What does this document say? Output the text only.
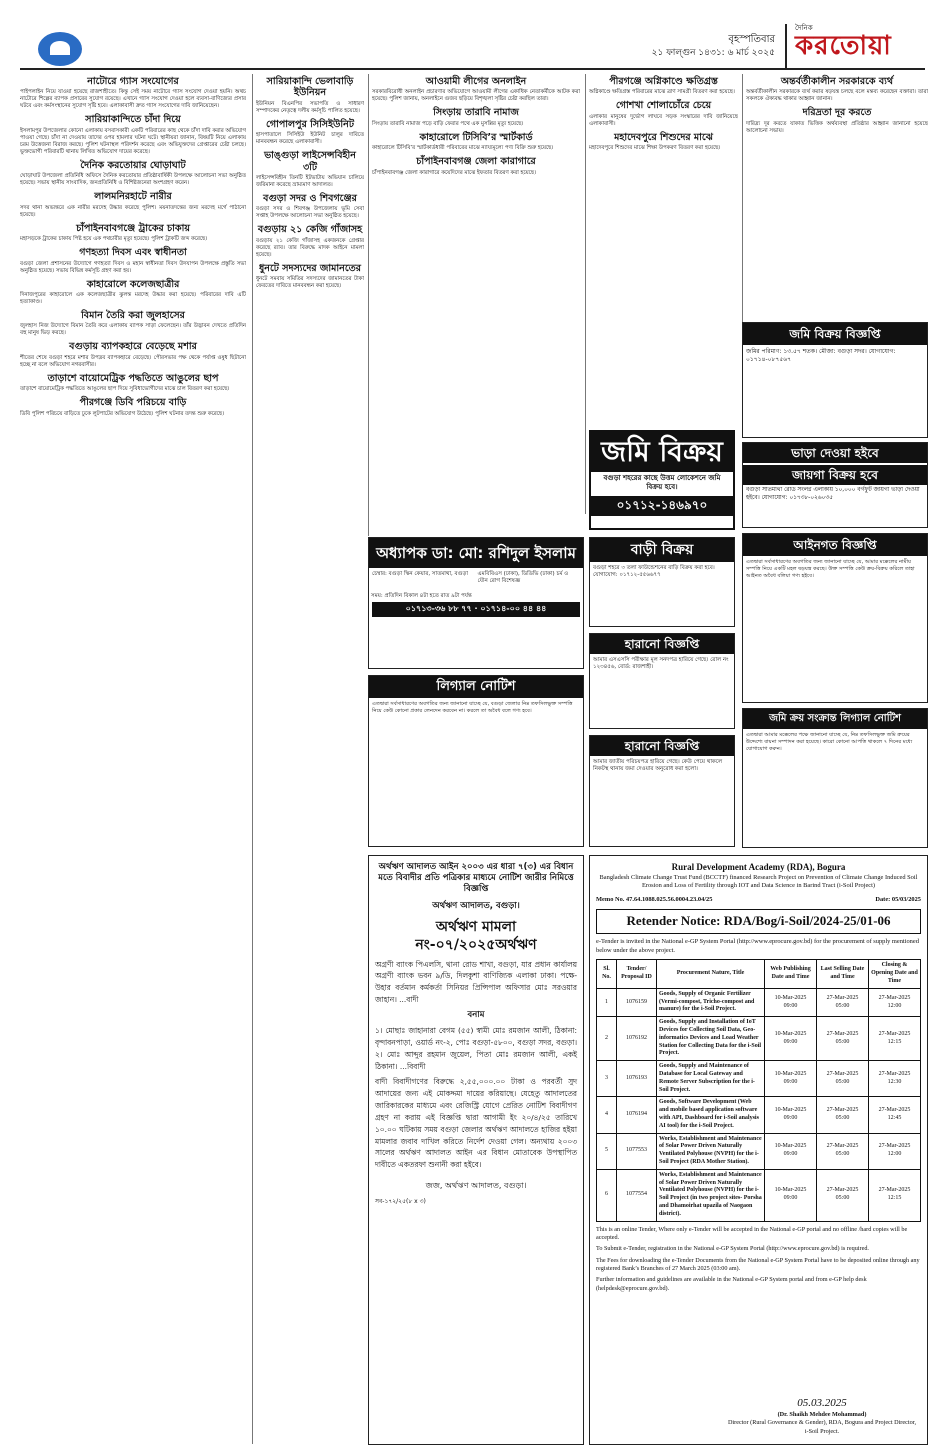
বৃহস্পতিবার
২১ ফাল্গুন ১৪৩১: ৬ মার্চ ২০২৫
দৈনিক
করতোয়া
নাটোরে গ্যাস সংযোগের

পাইপলাইন নিয়ে যাওয়া হয়েছে রাজশাহীতে। কিন্তু সেই সময় নাটোরে গ্যাস সংযোগ দেওয়া হয়নি। অথচ নাটোরে শিল্পের ব্যাপক প্রসারের সুযোগ রয়েছে। এখানে গ্যাস সংযোগ দেওয়া হলে ব্যবসা-বাণিজ্যের প্রসার ঘটবে এবং কর্মসংস্থানের সুযোগ সৃষ্টি হবে। এলাকাবাসী দ্রুত গ্যাস সংযোগের দাবি জানিয়েছেন।

সারিয়াকান্দিতে চাঁদা দিয়ে

ইসলামপুর উপজেলার কোনো এলাকায় বসবাসকারী একটি পরিবারের কাছ থেকে চাঁদা দাবি করার অভিযোগ পাওয়া গেছে। চাঁদা না দেওয়ায় তাদের ওপর হামলার ঘটনা ঘটে। স্থানীয়রা জানান, বিষয়টি নিয়ে এলাকায় চরম উত্তেজনা বিরাজ করছে। পুলিশ ঘটনাস্থল পরিদর্শন করেছে এবং অভিযুক্তদের গ্রেপ্তারের চেষ্টা চলছে। ভুক্তভোগী পরিবারটি থানায় লিখিত অভিযোগ দায়ের করেছে।

দৈনিক করতোয়ার ঘোড়াঘাট

ঘোড়াঘাট উপজেলা প্রতিনিধি অফিসে দৈনিক করতোয়ার প্রতিষ্ঠাবার্ষিকী উপলক্ষে আলোচনা সভা অনুষ্ঠিত হয়েছে। সভায় স্থানীয় সাংবাদিক, জনপ্রতিনিধি ও বিশিষ্টজনেরা অংশগ্রহণ করেন।

লালমনিরহাটে নারীর

সদর থানা অভ্যন্তরে এক নারীর মরদেহ উদ্ধার করেছে পুলিশ। ময়নাতদন্তের জন্য মরদেহ মর্গে পাঠানো হয়েছে।

চাঁপাইনবাবগঞ্জে ট্রাকের চাকায়

মহাসড়কে ট্রাকের চাকায় পিষ্ট হয়ে এক পথচারীর মৃত্যু হয়েছে। পুলিশ ট্রাকটি জব্দ করেছে।

গণহত্যা দিবস এবং স্বাধীনতা

বগুড়া জেলা প্রশাসনের উদ্যোগে গণহত্যা দিবস ও মহান স্বাধীনতা দিবস উদযাপন উপলক্ষে প্রস্তুতি সভা অনুষ্ঠিত হয়েছে। সভায় বিভিন্ন কর্মসূচি গ্রহণ করা হয়।

কাহারোলে কলেজছাত্রীর

দিনাজপুরের কাহারোলে এক কলেজছাত্রীর ঝুলন্ত মরদেহ উদ্ধার করা হয়েছে। পরিবারের দাবি এটি হত্যাকাণ্ড।

বিমান তৈরি করা জুলহাসের

জুলহাস নিজ উদ্যোগে বিমান তৈরি করে এলাকায় ব্যাপক সাড়া ফেলেছেন। তাঁর উদ্ভাবন দেখতে প্রতিদিন বহু মানুষ ভিড় করছে।

বগুড়ায় ব্যাপকহারে বেড়েছে মশার

শীতের শেষে বগুড়া শহরে মশার উপদ্রব ব্যাপকহারে বেড়েছে। পৌরসভার পক্ষ থেকে পর্যাপ্ত ওষুধ ছিটানো হচ্ছে না বলে অভিযোগ নগরবাসীর।

তাড়াশে বায়োমেট্রিক পদ্ধতিতে আঙুলের ছাপ

তাড়াশে বায়োমেট্রিক পদ্ধতিতে আঙুলের ছাপ দিয়ে সুবিধাভোগীদের মাঝে চাল বিতরণ করা হয়েছে।

পীরগঞ্জে ডিবি পরিচয়ে বাড়ি

ডিবি পুলিশ পরিচয়ে বাড়িতে ঢুকে লুটপাটের অভিযোগ উঠেছে। পুলিশ ঘটনার তদন্ত শুরু করেছে।

সারিয়াকান্দি ভেলাবাড়ি ইউনিয়ন

ইউনিয়ন বিএনপির সভাপতি ও সাধারণ সম্পাদকের নেতৃত্বে দলীয় কর্মসূচি পালিত হয়েছে।

গোপালপুর সিসিইউনিট

হাসপাতালে সিসিইউ ইউনিট চালুর দাবিতে মানববন্ধন করেছে এলাকাবাসী।

ভাঙ্গুড়া লাইসেন্সবিহীন ৩টি

লাইসেন্সবিহীন তিনটি ইটভাটায় অভিযান চালিয়ে জরিমানা করেছে ভ্রাম্যমাণ আদালত।

বগুড়া সদর ও শিবগঞ্জের

বগুড়া সদর ও শিবগঞ্জ উপজেলায় ভূমি সেবা সপ্তাহ উপলক্ষে আলোচনা সভা অনুষ্ঠিত হয়েছে।

বগুড়ায় ২১ কেজি গাঁজাসহ

বগুড়ায় ২১ কেজি গাঁজাসহ একজনকে গ্রেপ্তার করেছে র‍্যাব। তার বিরুদ্ধে মাদক আইনে মামলা হয়েছে।

ধুনটে সদস্যদের জামানতের

ধুনটে সমবায় সমিতির সদস্যদের জামানতের টাকা ফেরতের দাবিতে মানববন্ধন করা হয়েছে।

আওয়ামী লীগের অনলাইন

সরকারবিরোধী অনলাইন প্রচারণার অভিযোগে আওয়ামী লীগের একাধিক নেতাকর্মীকে আটক করা হয়েছে। পুলিশ জানায়, অনলাইনে গুজব ছড়িয়ে বিশৃঙ্খলা সৃষ্টির চেষ্টা করছিল তারা।

সিংড়ায় তারাবি নামাজ

সিংড়ায় তারাবি নামাজ পড়ে বাড়ি ফেরার পথে এক মুসল্লির মৃত্যু হয়েছে।

কাহারোলে টিসিবি’র স্মার্টকার্ড

কাহারোলে টিসিবি’র স্মার্টকার্ডধারী পরিবারের মাঝে ন্যায্যমূল্যে পণ্য বিক্রি শুরু হয়েছে।

চাঁপাইনবাবগঞ্জ জেলা কারাগারে

চাঁপাইনবাবগঞ্জ জেলা কারাগারে কয়েদিদের মাঝে ইফতার বিতরণ করা হয়েছে।

পীরগঞ্জে অগ্নিকাণ্ডে ক্ষতিগ্রস্ত

অগ্নিকাণ্ডে ক্ষতিগ্রস্ত পরিবারের মাঝে ত্রাণ সামগ্রী বিতরণ করা হয়েছে।

গোশখা শোলাচোঁরে চেয়ে

এলাকার মানুষের দুর্ভোগ লাঘবে সড়ক সংস্কারের দাবি জানিয়েছে এলাকাবাসী।

মহাদেবপুরে শিশুদের মাঝে

মহাদেবপুরে শিশুদের মাঝে শিক্ষা উপকরণ বিতরণ করা হয়েছে।

অন্তর্বর্তীকালীন সরকারকে ব্যর্থ

অন্তর্বর্তীকালীন সরকারকে ব্যর্থ করার ষড়যন্ত্র চলছে বলে মন্তব্য করেছেন বক্তারা। তারা সকলকে ঐক্যবদ্ধ থাকার আহ্বান জানান।

দরিদ্রতা দূর করতে

দারিদ্র্য দূর করতে যাকাত ভিত্তিক অর্থব্যবস্থা প্রতিষ্ঠার আহ্বান জানানো হয়েছে আলোচনা সভায়।

জমি বিক্রয়
বগুড়া শহরের কাছে উত্তম লোকেশনে জমি বিক্রয় হবে।
০১৭১২-১৪৬৯৭০
জমি বিক্রয় বিজ্ঞপ্তি
জমির পরিমাণ: ১৩.৫৭ শতক। মৌজা: বগুড়া সদর। যোগাযোগ: ০১৭১৪-০৮৭৫৬৭
ভাড়া দেওয়া হইবে
জায়গা বিক্রয় হবে
বগুড়া সাতমাথা রোড সংলগ্ন এলাকায় ১০,০০০ বর্গফুট জায়গা ভাড়া দেওয়া হইবে। যোগাযোগ: ০১৭৩৮-০২৬০৩৫
অধ্যাপক ডা: মো: রশিদুল ইসলাম
চেম্বার: বগুড়া স্কিন কেয়ার, সাতমাথা, বগুড়া	এমবিবিএস (ঢাকা), ডিডিভি (ঢাকা) চর্ম ও যৌন রোগ বিশেষজ্ঞ
সময়: প্রতিদিন বিকাল ৪টা হতে রাত ৯টা পর্যন্ত
০১৭১৩-৩৬ ৮৮ ৭৭ · ০১৭১৪-০০ ৪৪ ৪৪
বাড়ী বিক্রয়
বগুড়া শহরে ৩ তলা ফাউন্ডেশনের বাড়ি বিক্রয় করা হবে। যোগাযোগ: ০১৭১২-৫৫৬৬৭৭
হারানো বিজ্ঞপ্তি
আমার এসএসসি পরীক্ষার মূল সনদপত্র হারিয়ে গেছে। রোল নং ১২৩৪৫৬, বোর্ড: রাজশাহী।
হারানো বিজ্ঞপ্তি
আমার জাতীয় পরিচয়পত্র হারিয়ে গেছে। কেউ পেয়ে থাকলে নিকটস্থ থানায় জমা দেওয়ার অনুরোধ করা হলো।
লিগ্যাল নোটিশ
এতদ্বারা সর্বসাধারণের অবগতির জন্য জানানো যাচ্ছে যে, বগুড়া জেলার নিম্ন তফসিলভুক্ত সম্পত্তি নিয়ে কেউ কোনো প্রকার লেনদেন করবেন না। করলে তা অবৈধ বলে গণ্য হবে।
আইনগত বিজ্ঞপ্তি
এতদ্বারা সর্বসাধারণের অবগতির জন্য জানানো যাচ্ছে যে, আমার মক্কেলের নামীয় সম্পত্তি নিয়ে একটি মহল ষড়যন্ত্র করছে। উক্ত সম্পত্তি কেউ ক্রয়-বিক্রয় করিলে তাহা আইনত অবৈধ বলিয়া গণ্য হইবে।
জমি ক্রয় সংক্রান্ত লিগ্যাল নোটিশ
এতদ্বারা আমার মক্কেলের পক্ষে জানানো যাচ্ছে যে, নিম্ন তফসিলভুক্ত জমি ক্রয়ের উদ্দেশ্যে বায়না সম্পাদন করা হয়েছে। কারো কোনো আপত্তি থাকলে ৭ দিনের মধ্যে যোগাযোগ করুন।
অর্থঋণ আদালত আইন ২০০৩ এর ধারা ৭(৩) এর বিধান মতে বিবাদীর প্রতি পত্রিকার মাধ্যমে নোটিশ জারীর নিমিত্তে বিজ্ঞপ্তি
অর্থঋণ আদালত, বগুড়া।
অর্থঋণ মামলা নং-০৭/২০২৫অর্থঋণ

অগ্রণী ব্যাংক পিএলসি, থানা রোড শাখা, বগুড়া, যার প্রধান কার্যালয় অগ্রণী ব্যাংক ভবন ৯/ডি, দিলকুশা বাণিজ্যিক এলাকা ঢাকা। পক্ষে- উহার বর্তমান কর্মকর্তা সিনিয়র প্রিন্সিপাল অফিসার মোঃ সরওয়ার জাহান। ...বাদী

বনাম

১। মোছাঃ জাহানারা বেগম (৫৫) স্বামী মোঃ রমজান আলী, ঠিকানা: বৃন্দাবনপাড়া, ওয়ার্ড নং-২, পোঃ বগুড়া-৫৮০০, বগুড়া সদর, বগুড়া। ২। মোঃ আব্দুর রহমান জুয়েল, পিতা মোঃ রমজান আলী, একই ঠিকানা। ...বিবাদী

বাদী বিবাদীগণের বিরুদ্ধে ২,৫৫,০০০.০০ টাকা ও পরবর্তী সুদ আদায়ের জন্য এই মোকদ্দমা দায়ের করিয়াছে। যেহেতু আদালতের জারিকারকের মাধ্যমে এবং রেজিস্ট্রি যোগে প্রেরিত নোটিশ বিবাদীগণ গ্রহণ না করায় এই বিজ্ঞপ্তি দ্বারা আগামী ইং ২০/৪/২৫ তারিখে ১০.০০ ঘটিকায় সময় বগুড়া জেলার অর্থঋণ আদালতে হাজির হইয়া মামলার জবাব দাখিল করিতে নির্দেশ দেওয়া গেল। অন্যথায় ২০০৩ সালের অর্থঋণ আদালত আইন এর বিধান মোতাবেক উপস্থাপিত দাবীতে একতরফা শুনানী করা হইবে।

জজ, অর্থঋণ আদালত, বগুড়া।
সব-১৭২/২৫(৮ x ৩)
Rural Development Academy (RDA), Bogura
Bangladesh Climate Change Trust Fund (BCCTF) financed Research Project on Prevention of Climate Change Induced Soil Erosion and Loss of Fertility through IOT and Data Science in Barind Tract (i-Soil Project)
Memo No. 47.64.1088.025.56.0004.23.04/25	Date: 05/03/2025
Retender Notice: RDA/Bog/i-Soil/2024-25/01-06
e-Tender is invited in the National e-GP System Portal (http://www.eprocure.gov.bd) for the procurement of supply mentioned below under the above project.
Sl. No.	Tender/ Proposal ID	Procurement Nature, Title	Web Publishing Date and Time	Last Selling Date and Time	Closing & Opening Date and Time
1	1076159	Goods, Supply of Organic Fertilizer (Vermi-compost, Tricho-compost and manure) for the i-Soil Project.	10-Mar-2025 09:00	27-Mar-2025 05:00	27-Mar-2025 12:00
2	1076192	Goods, Supply and Installation of IoT Devices for Collecting Soil Data, Geo-informatics Devices and Load Weather Station for Collecting Data for the i-Soil Project.	10-Mar-2025 09:00	27-Mar-2025 05:00	27-Mar-2025 12:15
3	1076193	Goods, Supply and Maintenance of Database for Local Gateway and Remote Server Subscription for the i-Soil Project.	10-Mar-2025 09:00	27-Mar-2025 05:00	27-Mar-2025 12:30
4	1076194	Goods, Software Development (Web and mobile based application software with API, Dashboard for i-Soil analysis AI tool) for the i-Soil Project.	10-Mar-2025 09:00	27-Mar-2025 05:00	27-Mar-2025 12:45
5	1077553	Works, Establishment and Maintenance of Solar Power Driven Naturally Ventilated Polyhouse (NVPH) for the i-Soil Project (RDA Mother Station).	10-Mar-2025 09:00	27-Mar-2025 05:00	27-Mar-2025 12:00
6	1077554	Works, Establishment and Maintenance of Solar Power Driven Naturally Ventilated Polyhouse (NVPH) for the i-Soil Project (in two project sites- Porsha and Dhamoirhat upazila of Naogaon district).	10-Mar-2025 09:00	27-Mar-2025 05:00	27-Mar-2025 12:15

This is an online Tender, Where only e-Tender will be accepted in the National e-GP portal and no offline /hard copies will be accepted.

To Submit e-Tender, registration in the National e-GP System Portal (http://www.eprocure.gov.bd) is required.

The Fees for downloading the e-Tender Documents from the National e-GP System Portal have to be deposited online through any registered Bank’s Branches of 27 March 2025 (03:00 am).

Further information and guidelines are available in the National e-GP System portal and from e-GP help desk (helpdesk@eprocure.gov.bd).

05.03.2025
(Dr. Shaikh Mehdee Mohammad)
Director (Rural Governance & Gender), RDA, Bogura and Project Director, i-Soil Project.
